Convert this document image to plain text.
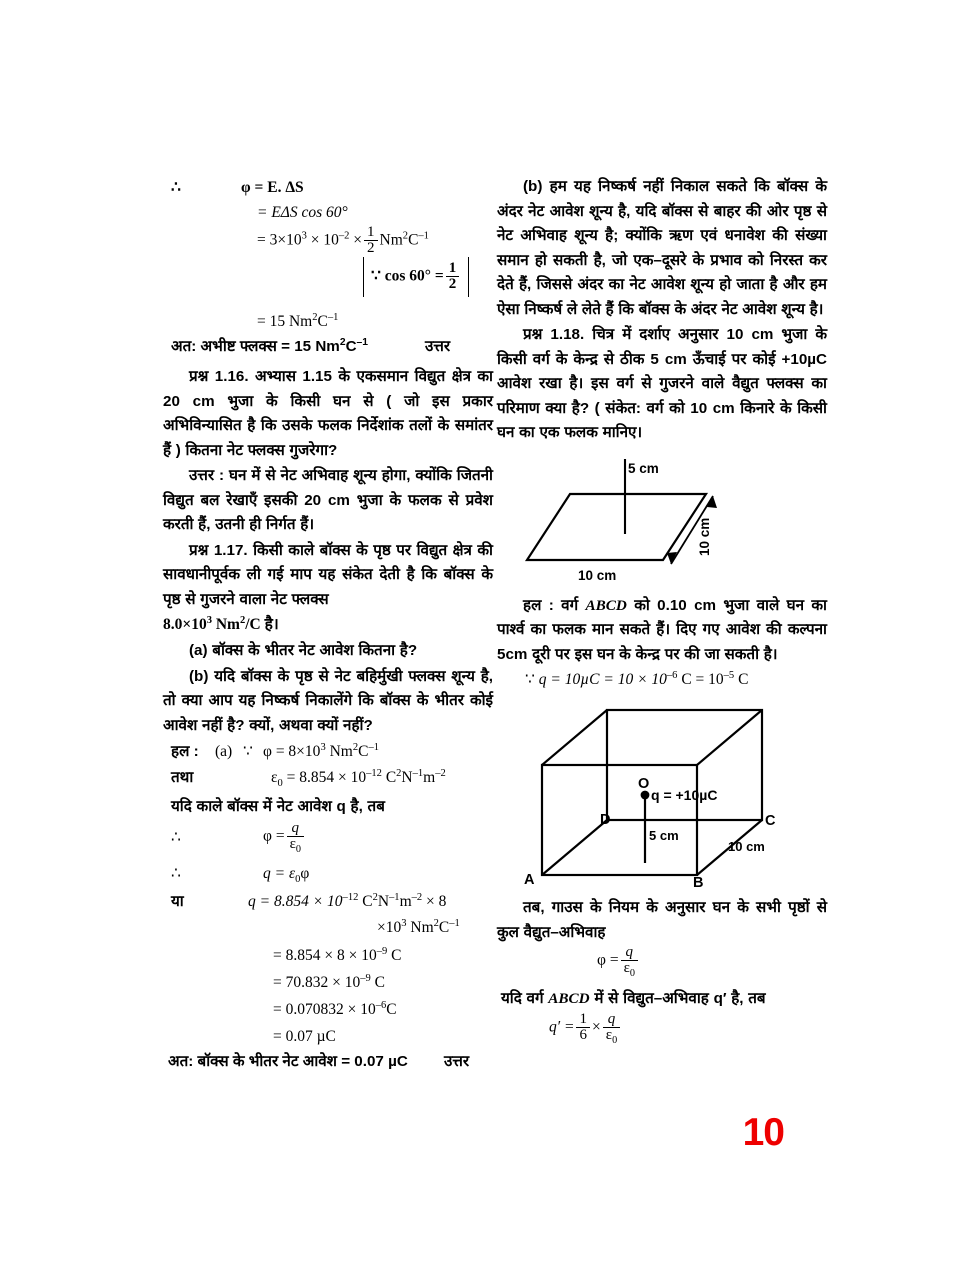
∴	φ = E. ΔS
= EΔS cos 60°
= $3\times 10^3 \times 10^{-2} \times \frac{1}{2} Nm^2C^{-1}$
∵ $\cos 60^\circ = \frac{1}{2}$
= 15 $Nm^2C^{-1}$
अत: अभीष्ट फ्लक्स = 15 $Nm^2C^{-1}$	उत्तर

प्रश्न 1.16. अभ्यास 1.15 के एकसमान विद्युत क्षेत्र का 20 cm भुजा के किसी घन से ( जो इस प्रकार अभिविन्यासित है कि उसके फलक निर्देशांक तलों के समांतर हैं ) कितना नेट फ्लक्स गुजरेगा?

उत्तर : घन में से नेट अभिवाह शून्य होगा, क्योंकि जितनी विद्युत बल रेखाएँ इसकी 20 cm भुजा के फलक से प्रवेश करती हैं, उतनी ही निर्गत हैं।

प्रश्न 1.17. किसी काले बॉक्स के पृष्ठ पर विद्युत क्षेत्र की सावधानीपूर्वक ली गई माप यह संकेत देती है कि बॉक्स के पृष्ठ से गुजरने वाला नेट फ्लक्स

$8.0\times 10^3$ Nm$^2$/C है।

(a) बॉक्स के भीतर नेट आवेश कितना है?

(b) यदि बॉक्स के पृष्ठ से नेट बहिर्मुखी फ्लक्स शून्य है, तो क्या आप यह निष्कर्ष निकालेंगे कि बॉक्स के भीतर कोई आवेश नहीं है? क्यों, अथवा क्यों नहीं?

हल : (a) ∵ $\varphi = 8\times 10^3$ $Nm^2C^{-1}$
तथा	$\varepsilon_0 = 8.854 \times 10^{-12}$ $C^2N^{-1}m^{-2}$
यदि काले बॉक्स में नेट आवेश q है, तब
∴	$\varphi = \frac{q}{\varepsilon_0}$
∴	$q = \varepsilon_0\varphi$
या	$q = 8.854 \times 10^{-12}$ $C^2N^{-1}m^{-2} \times 8$
$\times 10^3$ $Nm^2C^{-1}$
= $8.854 \times 8 \times 10^{-9}$ C
= $70.832 \times 10^{-9}$ C
= $0.070832 \times 10^{-6}C$
= 0.07 µC
अत: बॉक्स के भीतर नेट आवेश = 0.07 µC उत्तर

(b) हम यह निष्कर्ष नहीं निकाल सकते कि बॉक्स के अंदर नेट आवेश शून्य है, यदि बॉक्स से बाहर की ओर पृष्ठ से नेट अभिवाह शून्य है; क्योंकि ऋण एवं धनावेश की संख्या समान हो सकती है, जो एक–दूसरे के प्रभाव को निरस्त कर देते हैं, जिससे अंदर का नेट आवेश शून्य हो जाता है और हम ऐसा निष्कर्ष ले लेते हैं कि बॉक्स के अंदर नेट आवेश शून्य है।

प्रश्न 1.18. चित्र में दर्शाए अनुसार 10 cm भुजा के किसी वर्ग के केन्द्र से ठीक 5 cm ऊँचाई पर कोई +10µC आवेश रखा है। इस वर्ग से गुजरने वाले वैद्युत फ्लक्स का परिमाण क्या है? ( संकेत: वर्ग को 10 cm किनारे के किसी घन का एक फलक मानिए।

5 cm
10 cm
10 cm

हल : वर्ग ABCD को 0.10 cm भुजा वाले घन का पार्श्व का फलक मान सकते हैं। दिए गए आवेश की कल्पना 5cm दूरी पर इस घन के केन्द्र पर की जा सकती है।

∵ $q = 10\mu C = 10 \times 10^{-6}$ $C = 10^{-5}$ C
O
q = +10µC
5 cm
10 cm
D	C
A	B

तब, गाउस के नियम के अनुसार घन के सभी पृष्ठों से कुल वैद्युत–अभिवाह

$\varphi = \frac{q}{\varepsilon_0}$

यदि वर्ग ABCD में से विद्युत–अभिवाह q′ है, तब

$q' = \frac{1}{6} \times \frac{q}{\varepsilon_0}$
10
